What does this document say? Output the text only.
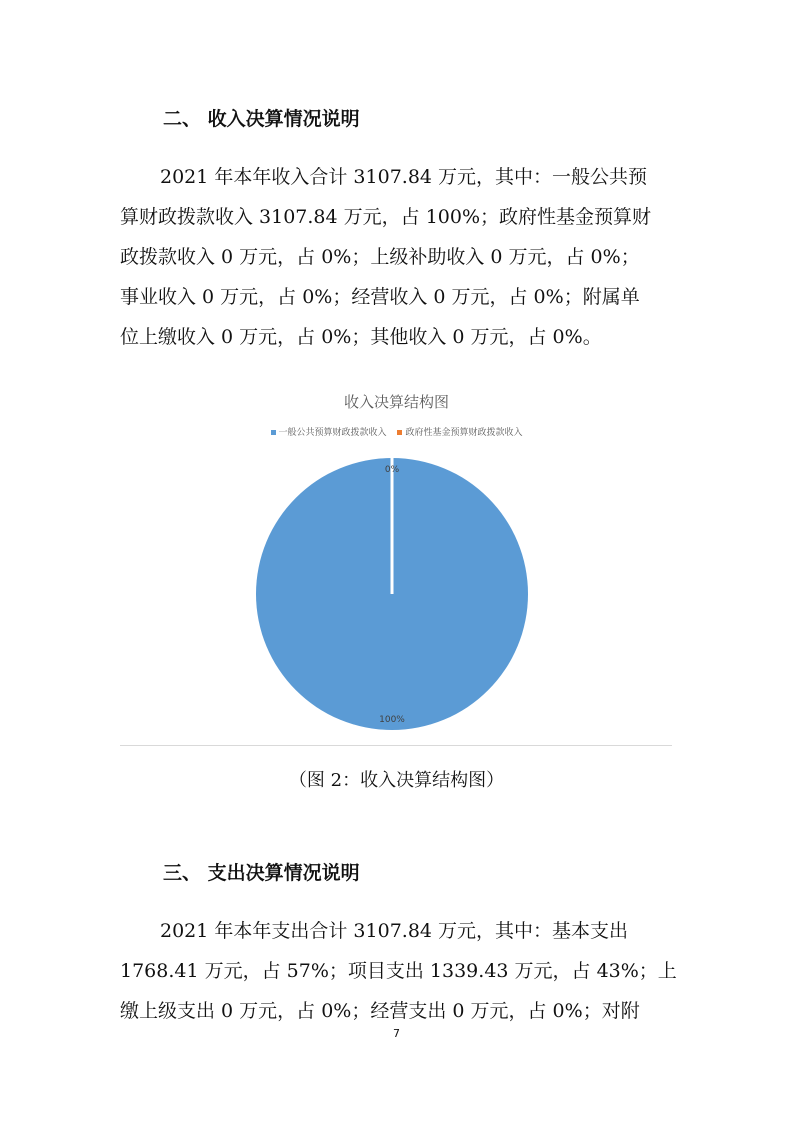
二、 收入决算情况说明
2021 年本年收入合计 3107.84 万元，其中：一般公共预
算财政拨款收入 3107.84 万元，占 100%；政府性基金预算财
政拨款收入 0 万元，占 0%；上级补助收入 0 万元，占 0%；
事业收入 0 万元，占 0%；经营收入 0 万元，占 0%；附属单
位上缴收入 0 万元，占 0%；其他收入 0 万元，占 0%。
收入决算结构图
一般公共预算财政拨款收入 政府性基金预算财政拨款收入
100%
0%
（图 2：收入决算结构图）
三、 支出决算情况说明
2021 年本年支出合计 3107.84 万元，其中：基本支出
1768.41 万元，占 57%；项目支出 1339.43 万元，占 43%；上
缴上级支出 0 万元，占 0%；经营支出 0 万元，占 0%；对附
7
